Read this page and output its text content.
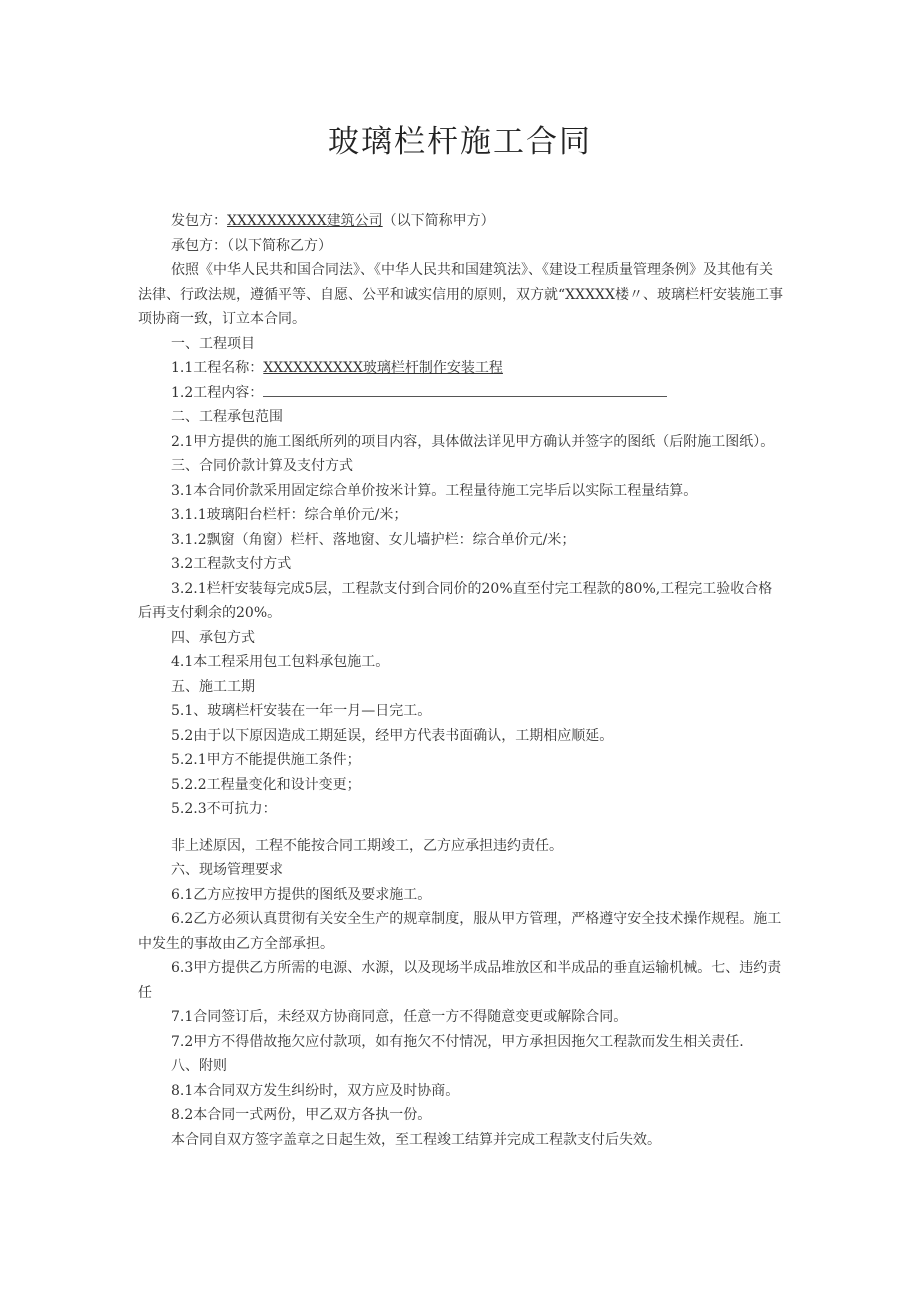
玻璃栏杆施工合同

发包方：XXXXXXXXXX建筑公司（以下简称甲方）

承包方：（以下简称乙方）

依照《中华人民共和国合同法》、《中华人民共和国建筑法》、《建设工程质量管理条例》及其他有关法律、行政法规，遵循平等、自愿、公平和诚实信用的原则，双方就“XXXXX楼〃、玻璃栏杆安装施工事项协商一致，订立本合同。

一、工程项目

1.1工程名称：XXXXXXXXXX玻璃栏杆制作安装工程

1.2工程内容：

二、工程承包范围

2.1甲方提供的施工图纸所列的项目内容，具体做法详见甲方确认并签字的图纸（后附施工图纸）。

三、合同价款计算及支付方式

3.1本合同价款采用固定综合单价按米计算。工程量待施工完毕后以实际工程量结算。

3.1.1玻璃阳台栏杆：综合单价元/米；

3.1.2飘窗（角窗）栏杆、落地窗、女儿墙护栏：综合单价元/米；

3.2工程款支付方式

3.2.1栏杆安装每完成5层，工程款支付到合同价的20%直至付完工程款的80%,工程完工验收合格后再支付剩余的20%。

四、承包方式

4.1本工程采用包工包料承包施工。

五、施工工期

5.1、玻璃栏杆安装在一年一月—日完工。

5.2由于以下原因造成工期延误，经甲方代表书面确认，工期相应顺延。

5.2.1甲方不能提供施工条件；

5.2.2工程量变化和设计变更；

5.2.3不可抗力：

非上述原因，工程不能按合同工期竣工，乙方应承担违约责任。

六、现场管理要求

6.1乙方应按甲方提供的图纸及要求施工。

6.2乙方必须认真贯彻有关安全生产的规章制度，服从甲方管理，严格遵守安全技术操作规程。施工中发生的事故由乙方全部承担。

6.3甲方提供乙方所需的电源、水源，以及现场半成品堆放区和半成品的垂直运输机械。七、违约责任

7.1合同签订后，未经双方协商同意，任意一方不得随意变更或解除合同。

7.2甲方不得借故拖欠应付款项，如有拖欠不付情况，甲方承担因拖欠工程款而发生相关责任.

八、附则

8.1本合同双方发生纠纷时，双方应及时协商。

8.2本合同一式两份，甲乙双方各执一份。

本合同自双方签字盖章之日起生效，至工程竣工结算并完成工程款支付后失效。
